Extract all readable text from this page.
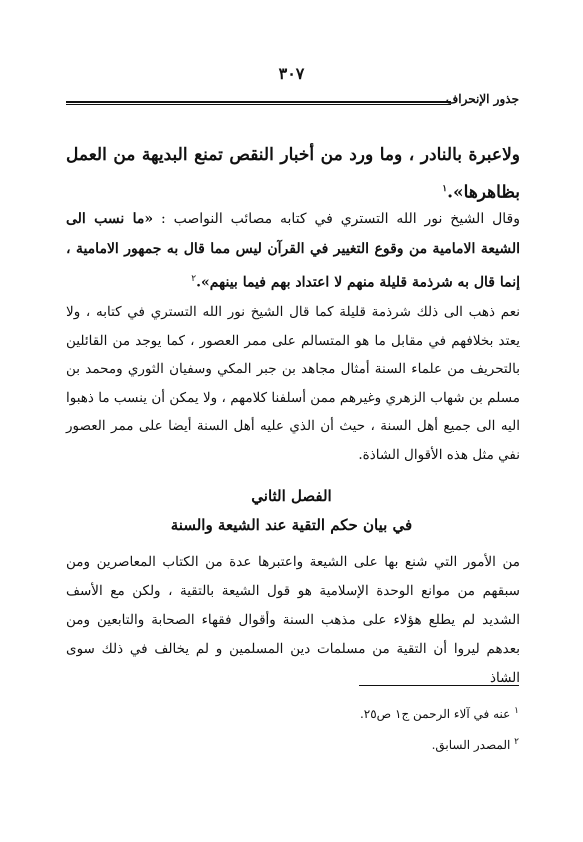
٣٠٧
جذور الإنحراف

ولاعبرة بالنادر ، وما ورد من أخبار النقص تمنع البديهة من العمل بظاهرها».$^١$

وقال الشيخ نور الله التستري في كتابه مصائب النواصب : «ما نسب الى الشيعة الامامية من وقوع التغيير في القرآن ليس مما قال به جمهور الامامية ، إنما قال به شرذمة قليلة منهم لا اعتداد بهم فيما بينهم».$^٢$

نعم ذهب الى ذلك شرذمة قليلة كما قال الشيخ نور الله التستري في كتابه ، ولا يعتد بخلافهم في مقابل ما هو المتسالم على ممر العصور ، كما يوجد من القائلين بالتحريف من علماء السنة أمثال مجاهد بن جبر المكي وسفيان الثوري ومحمد بن مسلم بن شهاب الزهري وغيرهم ممن أسلفنا كلامهم ، ولا يمكن أن ينسب ما ذهبوا اليه الى جميع أهل السنة ، حيث أن الذي عليه أهل السنة أيضا على ممر العصور نفي مثل هذه الأقوال الشاذة.

الفصل الثاني
في بيان حكم التقية عند الشيعة والسنة

من الأمور التي شنع بها على الشيعة واعتبرها عدة من الكتاب المعاصرين ومن سبقهم من موانع الوحدة الإسلامية هو قول الشيعة بالتقية ، ولكن مع الأسف الشديد لم يطلع هؤلاء على مذهب السنة وأقوال فقهاء الصحابة والتابعين ومن بعدهم ليروا أن التقية من مسلمات دين المسلمين و لم يخالف في ذلك سوى الشاذ

$^١$ عنه في آلاء الرحمن ج١ ص٢٥.
$^٢$ المصدر السابق.
